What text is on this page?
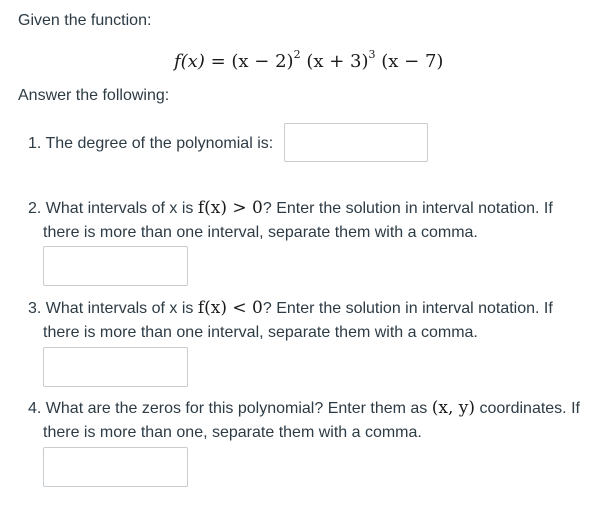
Given the function:
$f(x) = (x - 2)^2$ $(x + 3)^3$ (x − 7)
Answer the following:
1. The degree of the polynomial is:
2. What intervals of x is f(x) > 0? Enter the solution in interval notation. If
there is more than one interval, separate them with a comma.
3. What intervals of x is f(x) < 0? Enter the solution in interval notation. If
there is more than one interval, separate them with a comma.
4. What are the zeros for this polynomial? Enter them as (x, y) coordinates. If
there is more than one, separate them with a comma.
